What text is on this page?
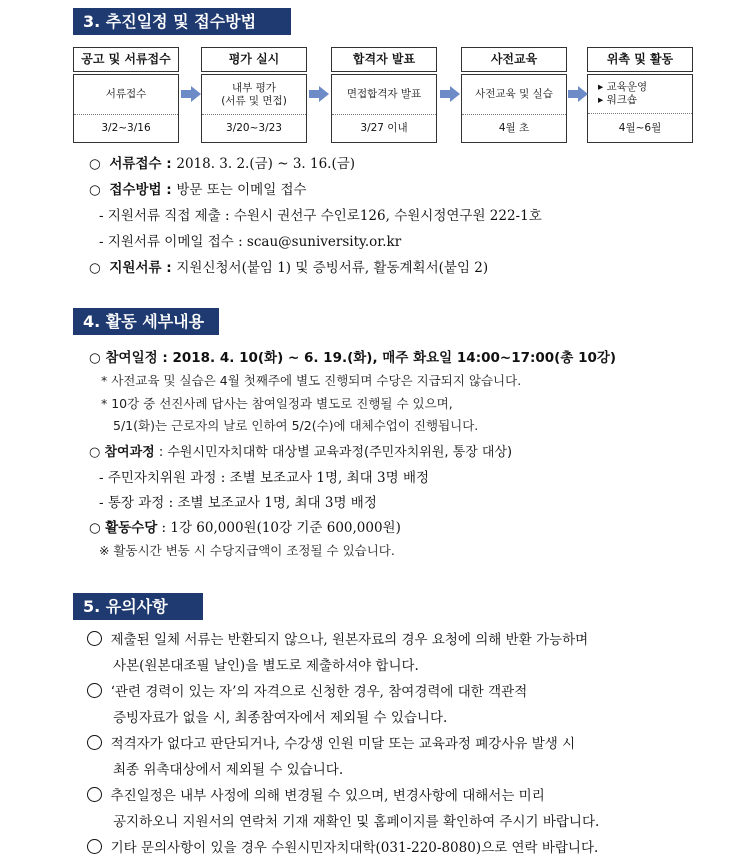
3. 추진일정 및 접수방법
공고 및 서류접수
서류접수
3/2~3/16
평가 실시
내부 평가
(서류 및 면접)
3/20~3/23
합격자 발표
면접합격자 발표
3/27 이내
사전교육
사전교육 및 실습
4월 초
위촉 및 활동
▸ 교육운영
▸ 워크숍
4월~6월
○ 서류접수 : 2018. 3. 2.(금) ~ 3. 16.(금)
○ 접수방법 : 방문 또는 이메일 접수
- 지원서류 직접 제출 : 수원시 권선구 수인로126, 수원시정연구원 222-1호
- 지원서류 이메일 접수 : scau@suniversity.or.kr
○ 지원서류 : 지원신청서(붙임 1) 및 증빙서류, 활동계획서(붙임 2)
4. 활동 세부내용
○ 참여일정 : 2018. 4. 10(화) ~ 6. 19.(화), 매주 화요일 14:00~17:00(총 10강)
* 사전교육 및 실습은 4월 첫째주에 별도 진행되며 수당은 지급되지 않습니다.
* 10강 중 선진사례 답사는 참여일정과 별도로 진행될 수 있으며,
5/1(화)는 근로자의 날로 인하여 5/2(수)에 대체수업이 진행됩니다.
○ 참여과정 : 수원시민자치대학 대상별 교육과정(주민자치위원, 통장 대상)
- 주민자치위원 과정 : 조별 보조교사 1명, 최대 3명 배정
- 통장 과정 : 조별 보조교사 1명, 최대 3명 배정
○ 활동수당 : 1강 60,000원(10강 기준 600,000원)
※ 활동시간 변동 시 수당지급액이 조정될 수 있습니다.
5. 유의사항
제출된 일체 서류는 반환되지 않으나, 원본자료의 경우 요청에 의해 반환 가능하며
사본(원본대조필 날인)을 별도로 제출하셔야 합니다.
‘관련 경력이 있는 자’의 자격으로 신청한 경우, 참여경력에 대한 객관적
증빙자료가 없을 시, 최종참여자에서 제외될 수 있습니다.
적격자가 없다고 판단되거나, 수강생 인원 미달 또는 교육과정 폐강사유 발생 시
최종 위촉대상에서 제외될 수 있습니다.
추진일정은 내부 사정에 의해 변경될 수 있으며, 변경사항에 대해서는 미리
공지하오니 지원서의 연락처 기재 재확인 및 홈페이지를 확인하여 주시기 바랍니다.
기타 문의사항이 있을 경우 수원시민자치대학(031-220-8080)으로 연락 바랍니다.
